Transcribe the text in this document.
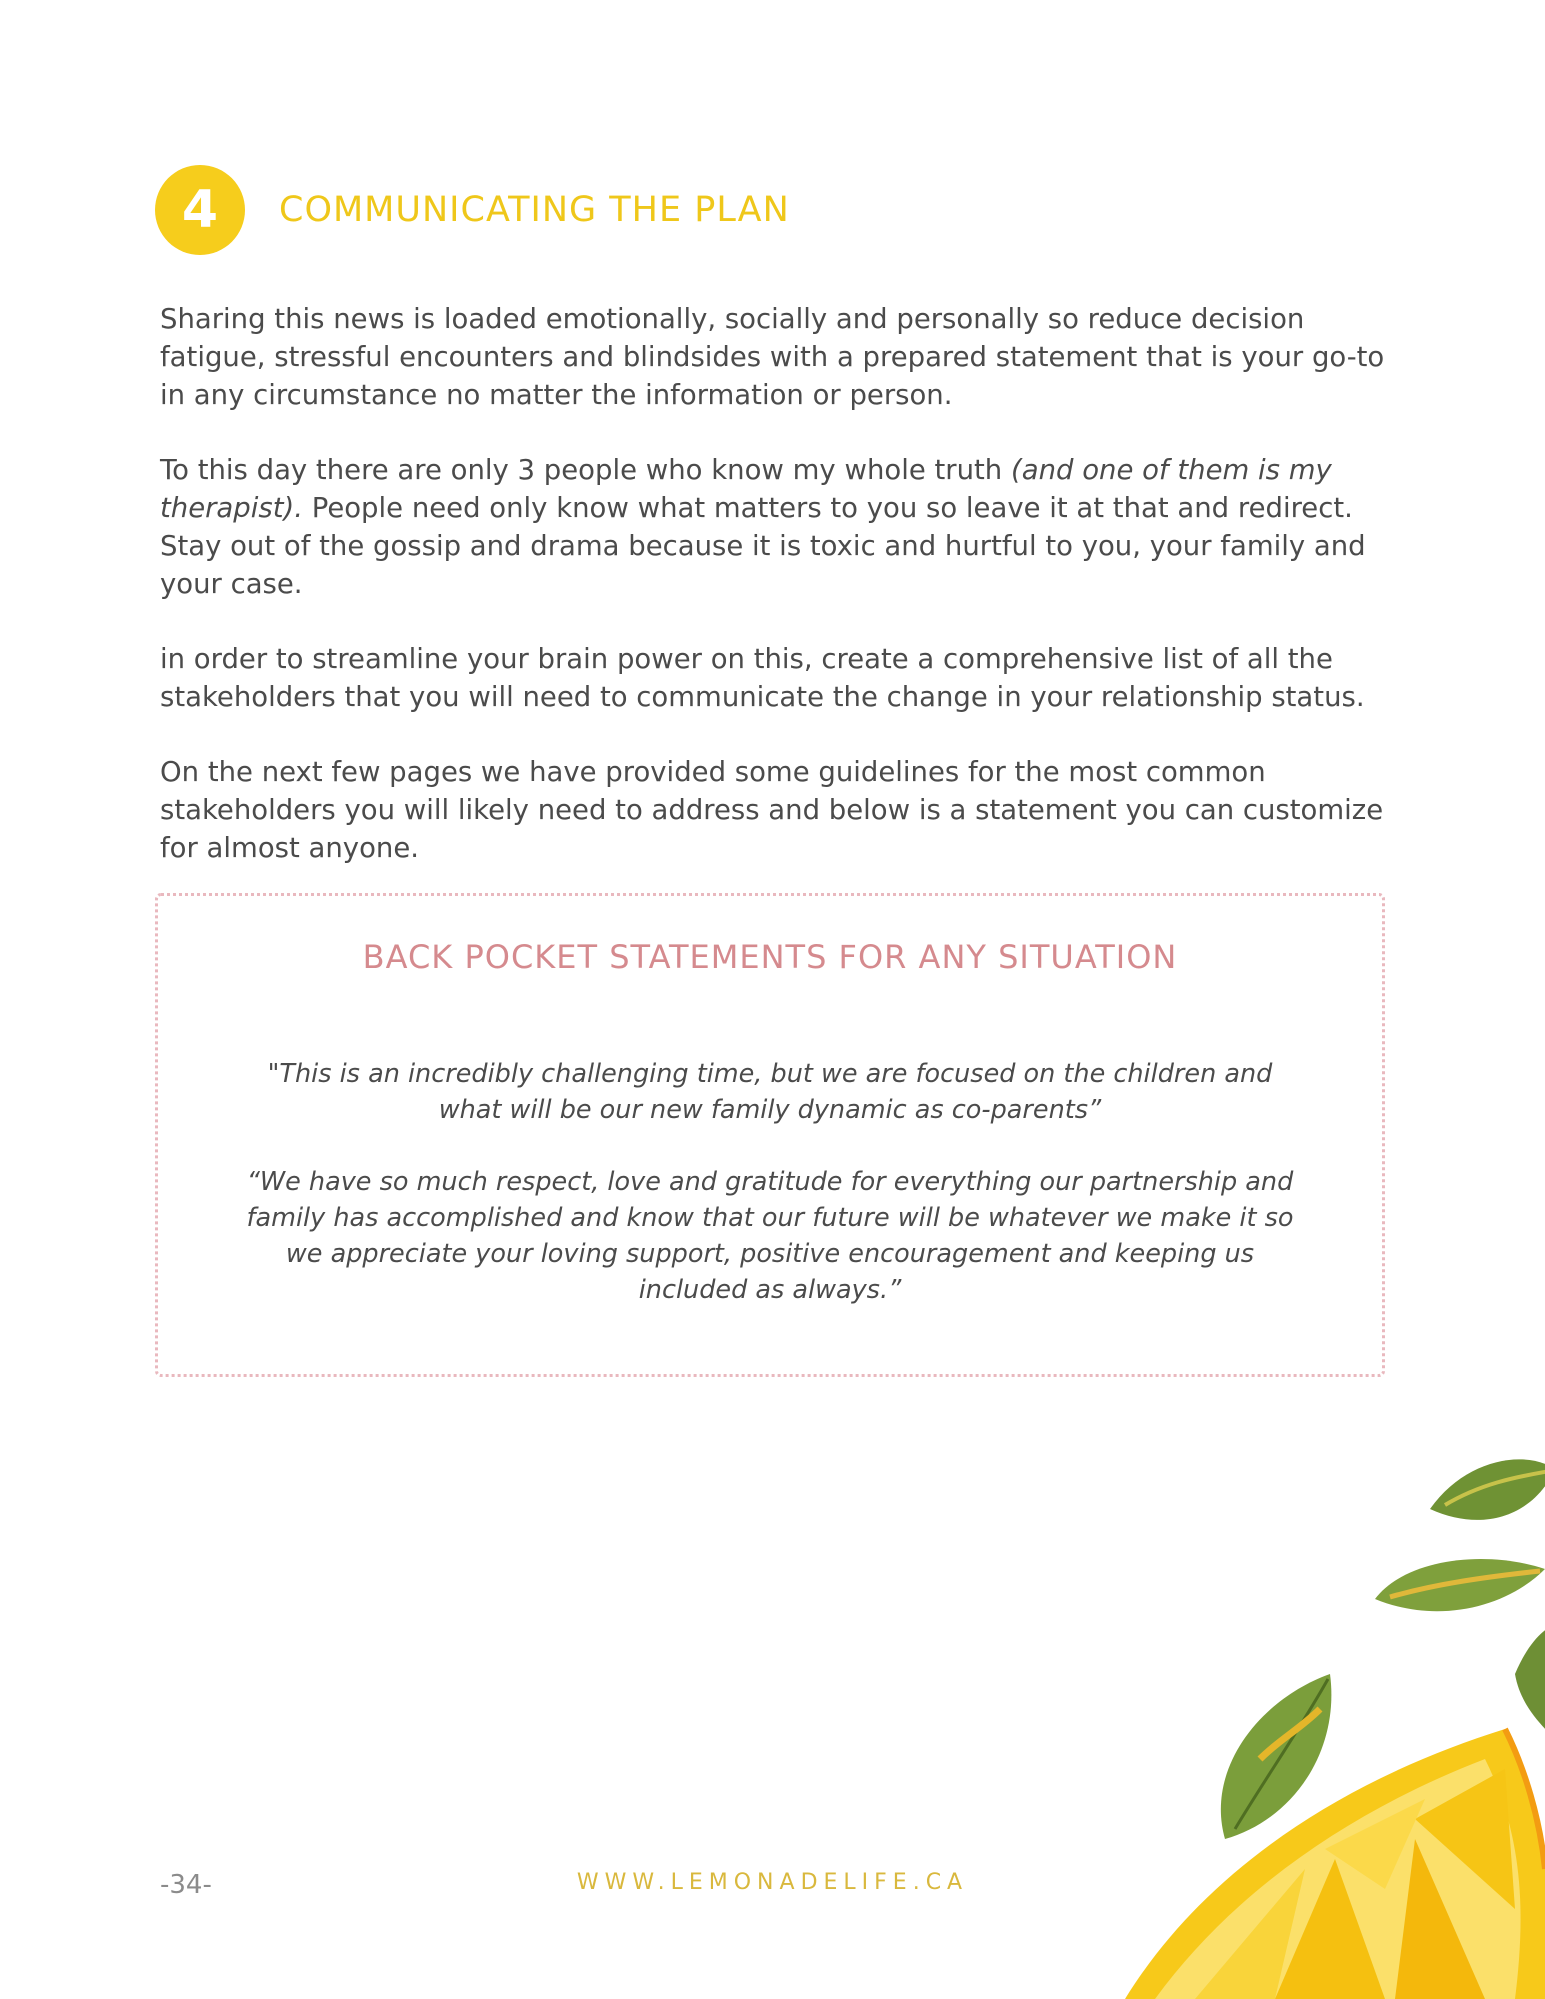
4	COMMUNICATING THE PLAN

Sharing this news is loaded emotionally, socially and personally so reduce decision fatigue, stressful encounters and blindsides with a prepared statement that is your go-to in any circumstance no matter the information or person.

To this day there are only 3 people who know my whole truth (and one of them is my therapist). People need only know what matters to you so leave it at that and redirect. Stay out of the gossip and drama because it is toxic and hurtful to you, your family and your case.

in order to streamline your brain power on this, create a comprehensive list of all the stakeholders that you will need to communicate the change in your relationship status.

On the next few pages we have provided some guidelines for the most common stakeholders you will likely need to address and below is a statement you can customize for almost anyone.

BACK POCKET STATEMENTS FOR ANY SITUATION
"This is an incredibly challenging time, but we are focused on the children and what will be our new family dynamic as co-parents”
“We have so much respect, love and gratitude for everything our partnership and family has accomplished and know that our future will be whatever we make it so we appreciate your loving support, positive encouragement and keeping us included as always.”
-34-	WWW.LEMONADELIFE.CA
